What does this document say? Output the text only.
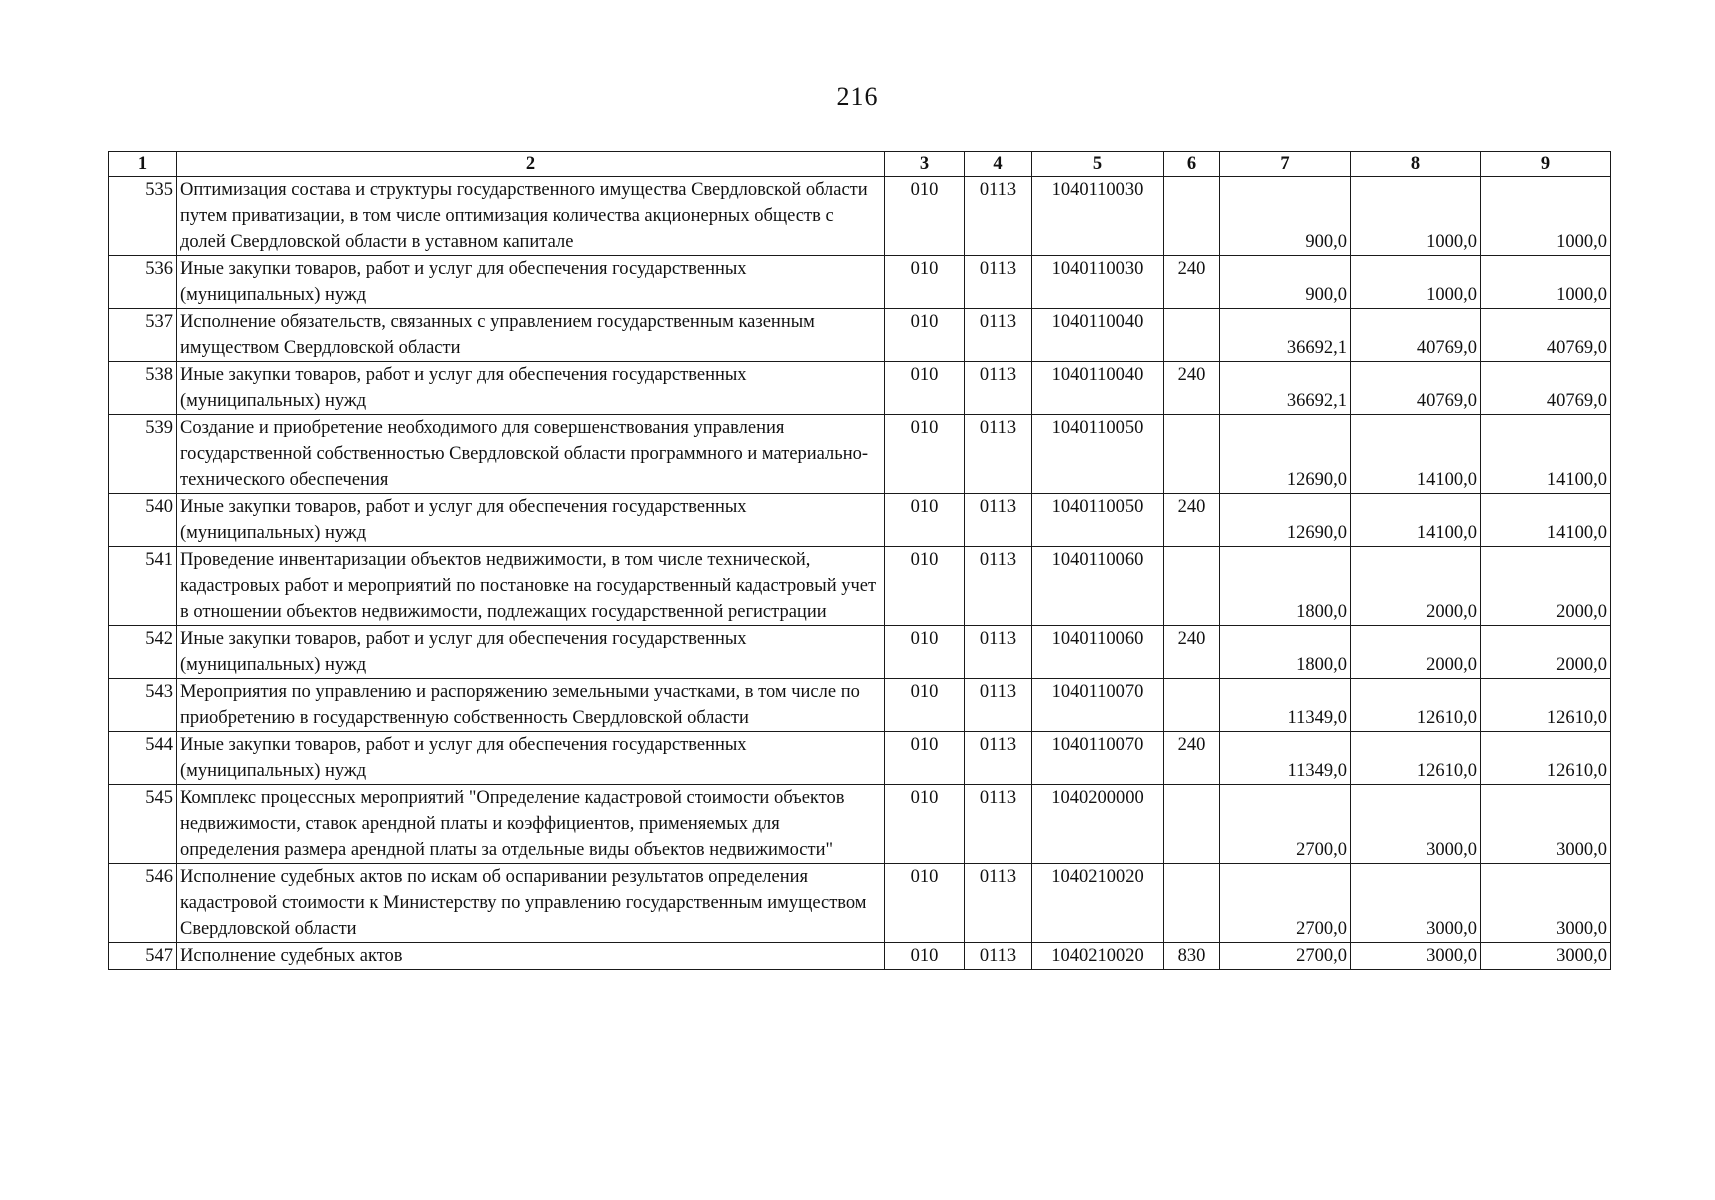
216
1	2	3	4	5	6	7	8	9
535	Оптимизация состава и структуры государственного имущества Свердловской области путем приватизации, в том числе оптимизация количества акционерных обществ с долей Свердловской области в уставном капитале	010	0113	1040110030		900,0	1000,0	1000,0
536	Иные закупки товаров, работ и услуг для обеспечения государственных (муниципальных) нужд	010	0113	1040110030	240	900,0	1000,0	1000,0
537	Исполнение обязательств, связанных с управлением государственным казенным имуществом Свердловской области	010	0113	1040110040		36692,1	40769,0	40769,0
538	Иные закупки товаров, работ и услуг для обеспечения государственных (муниципальных) нужд	010	0113	1040110040	240	36692,1	40769,0	40769,0
539	Создание и приобретение необходимого для совершенствования управления государственной собственностью Свердловской области программного и материально-технического обеспечения	010	0113	1040110050		12690,0	14100,0	14100,0
540	Иные закупки товаров, работ и услуг для обеспечения государственных (муниципальных) нужд	010	0113	1040110050	240	12690,0	14100,0	14100,0
541	Проведение инвентаризации объектов недвижимости, в том числе технической, кадастровых работ и мероприятий по постановке на государственный кадастровый учет в отношении объектов недвижимости, подлежащих государственной регистрации	010	0113	1040110060		1800,0	2000,0	2000,0
542	Иные закупки товаров, работ и услуг для обеспечения государственных (муниципальных) нужд	010	0113	1040110060	240	1800,0	2000,0	2000,0
543	Мероприятия по управлению и распоряжению земельными участками, в том числе по приобретению в государственную собственность Свердловской области	010	0113	1040110070		11349,0	12610,0	12610,0
544	Иные закупки товаров, работ и услуг для обеспечения государственных (муниципальных) нужд	010	0113	1040110070	240	11349,0	12610,0	12610,0
545	Комплекс процессных мероприятий "Определение кадастровой стоимости объектов недвижимости, ставок арендной платы и коэффициентов, применяемых для определения размера арендной платы за отдельные виды объектов недвижимости"	010	0113	1040200000		2700,0	3000,0	3000,0
546	Исполнение судебных актов по искам об оспаривании результатов определения кадастровой стоимости к Министерству по управлению государственным имуществом Свердловской области	010	0113	1040210020		2700,0	3000,0	3000,0
547	Исполнение судебных актов	010	0113	1040210020	830	2700,0	3000,0	3000,0
